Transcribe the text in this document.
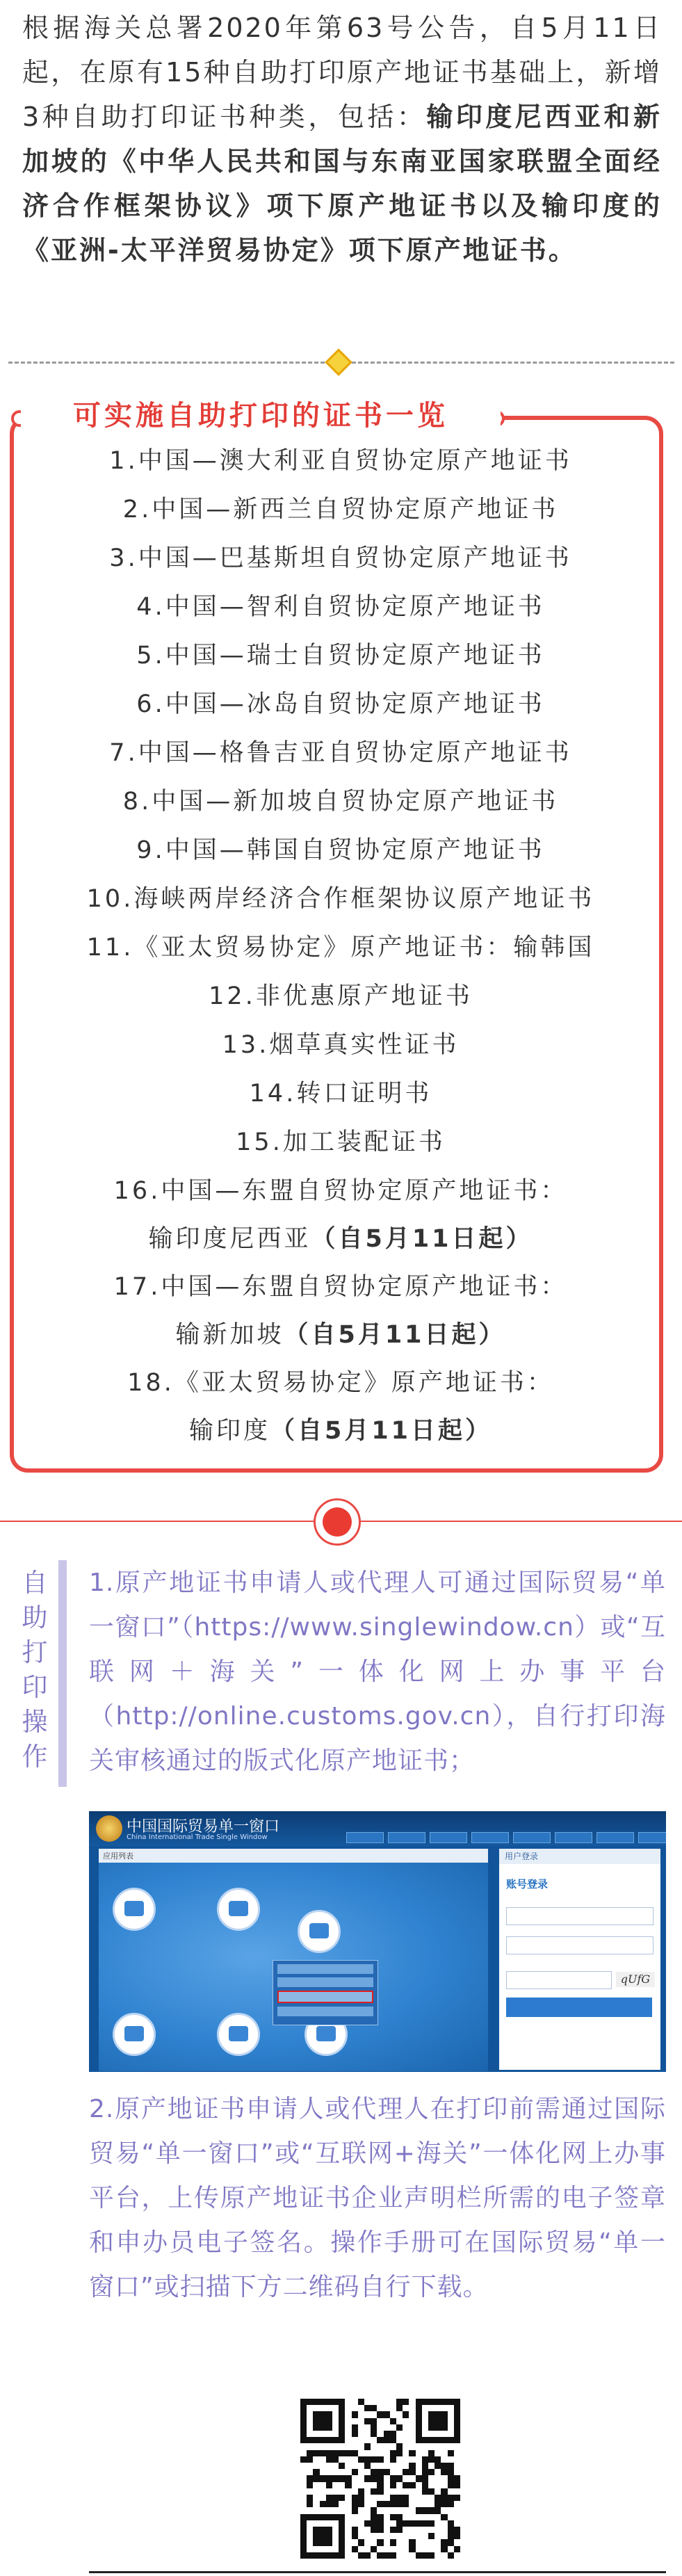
根据海关总署2020年第63号公告，自5月11日起，在原有15种自助打印原产地证书基础上，新增3种自助打印证书种类，包括：输印度尼西亚和新加坡的《中华人民共和国与东南亚国家联盟全面经济合作框架协议》项下原产地证书以及输印度的《亚洲-太平洋贸易协定》项下原产地证书。
可实施自助打印的证书一览
1.中国—澳大利亚自贸协定原产地证书
2.中国—新西兰自贸协定原产地证书
3.中国—巴基斯坦自贸协定原产地证书
4.中国—智利自贸协定原产地证书
5.中国—瑞士自贸协定原产地证书
6.中国—冰岛自贸协定原产地证书
7.中国—格鲁吉亚自贸协定原产地证书
8.中国—新加坡自贸协定原产地证书
9.中国—韩国自贸协定原产地证书
10.海峡两岸经济合作框架协议原产地证书
11.《亚太贸易协定》原产地证书：输韩国
12.非优惠原产地证书
13.烟草真实性证书
14.转口证明书
15.加工装配证书
16.中国—东盟自贸协定原产地证书：
输印度尼西亚（自5月11日起）
17.中国—东盟自贸协定原产地证书：
输新加坡（自5月11日起）
18.《亚太贸易协定》原产地证书：
输印度（自5月11日起）
自
助
打
印
操
作
1.原产地证书申请人或代理人可通过国际贸易“单一窗口”（https://www.singlewindow.cn）或“互联网＋海关”一体化网上办事平台（http://online.customs.gov.cn），自行打印海关审核通过的版式化原产地证书；
中国国际贸易单一窗口
China International Trade Single Window
应用列表	用户登录
账号登录
qUfG
2.原产地证书申请人或代理人在打印前需通过国际贸易“单一窗口”或“互联网+海关”一体化网上办事平台，上传原产地证书企业声明栏所需的电子签章和申办员电子签名。操作手册可在国际贸易“单一窗口”或扫描下方二维码自行下载。
